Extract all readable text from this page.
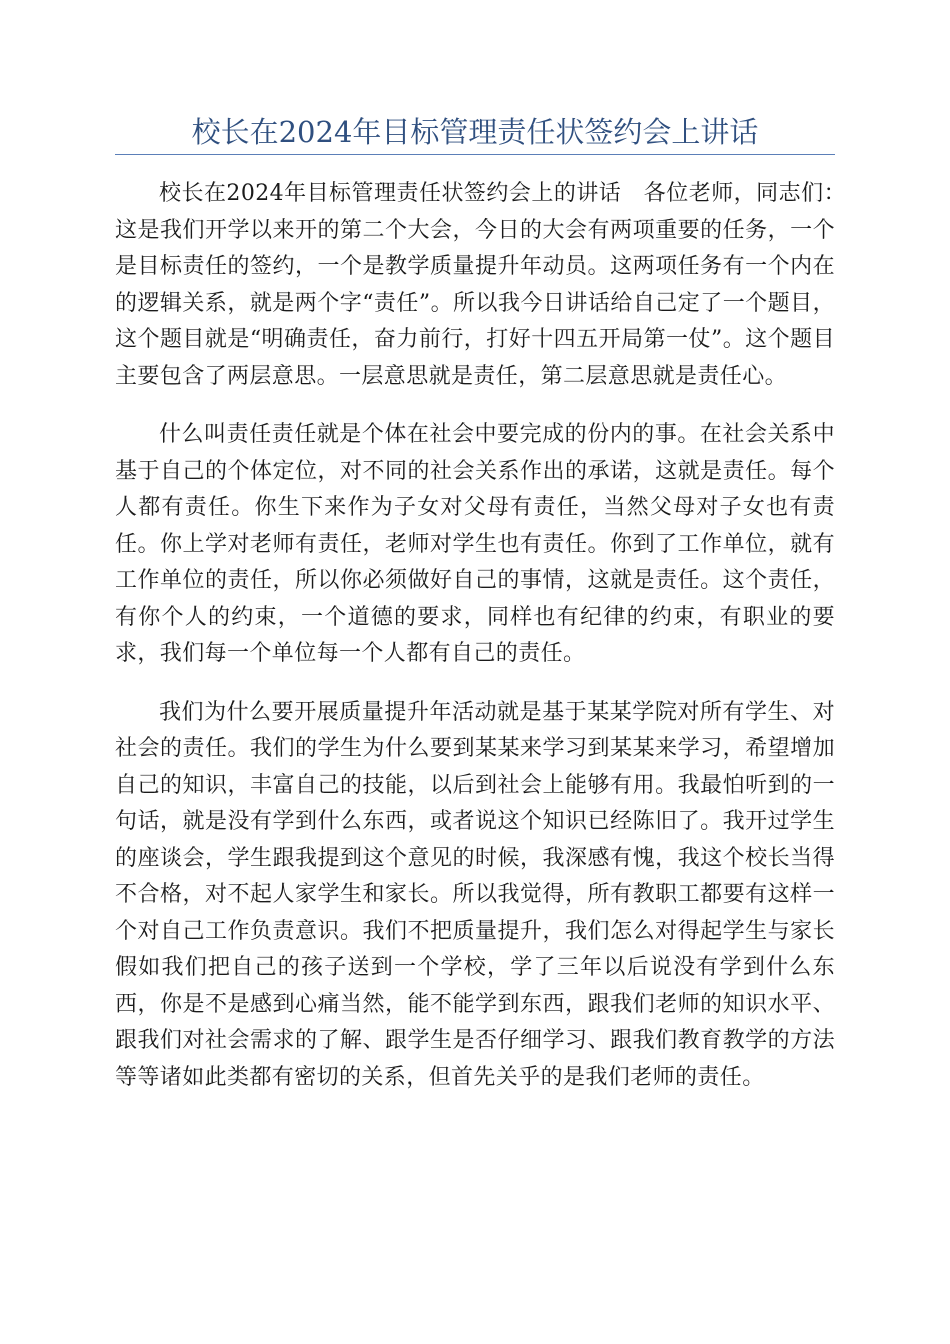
校长在2024年目标管理责任状签约会上讲话

校长在2024年目标管理责任状签约会上的讲话　各位老师，同志们：　这是我们开学以来开的第二个大会，今日的大会有两项重要的任务，一个是目标责任的签约，一个是教学质量提升年动员。这两项任务有一个内在的逻辑关系，就是两个字“责任”。所以我今日讲话给自己定了一个题目，这个题目就是“明确责任，奋力前行，打好十四五开局第一仗”。这个题目主要包含了两层意思。一层意思就是责任，第二层意思就是责任心。

什么叫责任责任就是个体在社会中要完成的份内的事。在社会关系中基于自己的个体定位，对不同的社会关系作出的承诺，这就是责任。每个人都有责任。你生下来作为子女对父母有责任，当然父母对子女也有责任。你上学对老师有责任，老师对学生也有责任。你到了工作单位，就有工作单位的责任，所以你必须做好自己的事情，这就是责任。这个责任，有你个人的约束，一个道德的要求，同样也有纪律的约束，有职业的要求，我们每一个单位每一个人都有自己的责任。

我们为什么要开展质量提升年活动就是基于某某学院对所有学生、对社会的责任。我们的学生为什么要到某某来学习到某某来学习，希望增加自己的知识，丰富自己的技能，以后到社会上能够有用。我最怕听到的一句话，就是没有学到什么东西，或者说这个知识已经陈旧了。我开过学生的座谈会，学生跟我提到这个意见的时候，我深感有愧，我这个校长当得不合格，对不起人家学生和家长。所以我觉得，所有教职工都要有这样一个对自己工作负责意识。我们不把质量提升，我们怎么对得起学生与家长假如我们把自己的孩子送到一个学校，学了三年以后说没有学到什么东西，你是不是感到心痛当然，能不能学到东西，跟我们老师的知识水平、跟我们对社会需求的了解、跟学生是否仔细学习、跟我们教育教学的方法等等诸如此类都有密切的关系，但首先关乎的是我们老师的责任。
